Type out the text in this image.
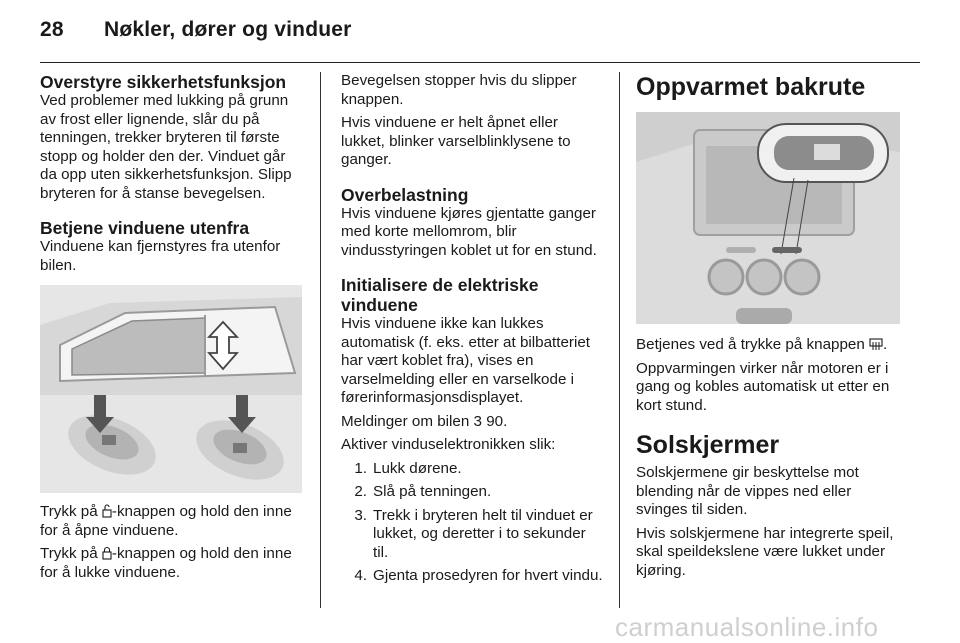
28 Nøkler, dører og vinduer
Overstyre sikkerhetsfunksjon

Ved problemer med lukking på grunn av frost eller lignende, slår du på tenningen, trekker bryteren til første stopp og holder den der. Vinduet går da opp uten sikkerhetsfunksjon. Slipp bryteren for å stanse bevegelsen.

Betjene vinduene utenfra

Vinduene kan fjernstyres fra utenfor bilen.

Trykk på -knappen og hold den inne for å åpne vinduene.

Trykk på -knappen og hold den inne for å lukke vinduene.

Bevegelsen stopper hvis du slipper knappen.

Hvis vinduene er helt åpnet eller lukket, blinker varselblinklysene to ganger.

Overbelastning

Hvis vinduene kjøres gjentatte ganger med korte mellomrom, blir vindusstyringen koblet ut for en stund.

Initialisere de elektriske vinduene

Hvis vinduene ikke kan lukkes automatisk (f. eks. etter at bilbatteriet har vært koblet fra), vises en varselmelding eller en varselkode i førerinformasjonsdisplayet.

Meldinger om bilen 3 90.

Aktiver vinduselektronikken slik:

1. Lukk dørene.
2. Slå på tenningen.
3. Trekk i bryteren helt til vinduet er lukket, og deretter i to sekunder til.
4. Gjenta prosedyren for hvert vindu.
Oppvarmet bakrute

Betjenes ved å trykke på knappen .

Oppvarmingen virker når motoren er i gang og kobles automatisk ut etter en kort stund.

Solskjermer

Solskjermene gir beskyttelse mot blending når de vippes ned eller svinges til siden.

Hvis solskjermene har integrerte speil, skal speildekslene være lukket under kjøring.

carmanualsonline.info
